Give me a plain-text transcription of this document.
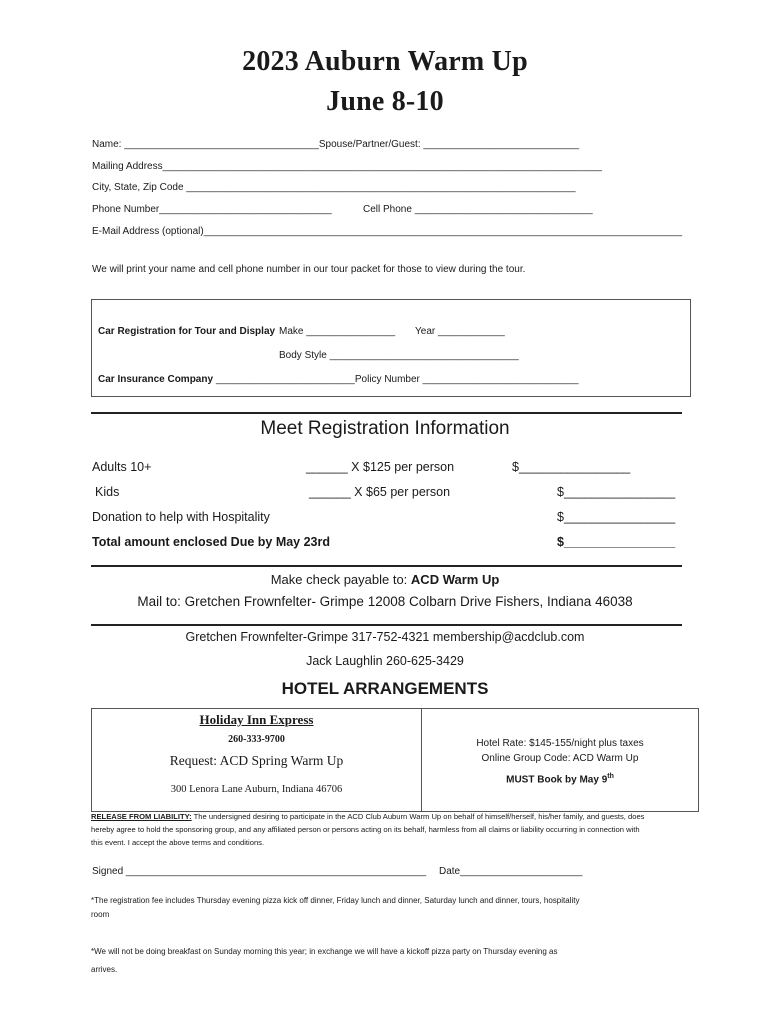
2023 Auburn Warm Up
June 8-10
Name: ___________________________________Spouse/Partner/Guest: ____________________________
Mailing Address_______________________________________________________________________________
City, State, Zip Code ______________________________________________________________________
Phone Number_______________________________	Cell Phone ________________________________
E-Mail Address (optional)______________________________________________________________________________________
We will print your name and cell phone number in our tour packet for those to view during the tour.
Car Registration for Tour and Display Make ________________ Year ____________
Body Style __________________________________
Car Insurance Company _________________________Policy Number ____________________________
Meet Registration Information
Adults 10+	______ X $125 per person	$________________
Kids	______ X $65 per person	$________________
Donation to help with Hospitality	$________________
Total amount enclosed Due by May 23rd	$________________
Make check payable to: ACD Warm Up
Mail to: Gretchen Frownfelter- Grimpe 12008 Colbarn Drive Fishers, Indiana 46038
Gretchen Frownfelter-Grimpe 317-752-4321 membership@acdclub.com
Jack Laughlin 260-625-3429
HOTEL ARRANGEMENTS
Holiday Inn Express
260-333-9700
Request: ACD Spring Warm Up
300 Lenora Lane Auburn, Indiana 46706
Hotel Rate: $145-155/night plus taxes
Online Group Code: ACD Warm Up
MUST Book by May 9th
RELEASE FROM LIABILITY: The undersigned desiring to participate in the ACD Club Auburn Warm Up on behalf of himself/herself, his/her family, and guests, does
hereby agree to hold the sponsoring group, and any affiliated person or persons acting on its behalf, harmless from all claims or liability occurring in connection with
this event. I accept the above terms and conditions.
Signed ______________________________________________________ Date______________________
*The registration fee includes Thursday evening pizza kick off dinner, Friday lunch and dinner, Saturday lunch and dinner, tours, hospitality
room
*We will not be doing breakfast on Sunday morning this year; in exchange we will have a kickoff pizza party on Thursday evening as
arrives.
